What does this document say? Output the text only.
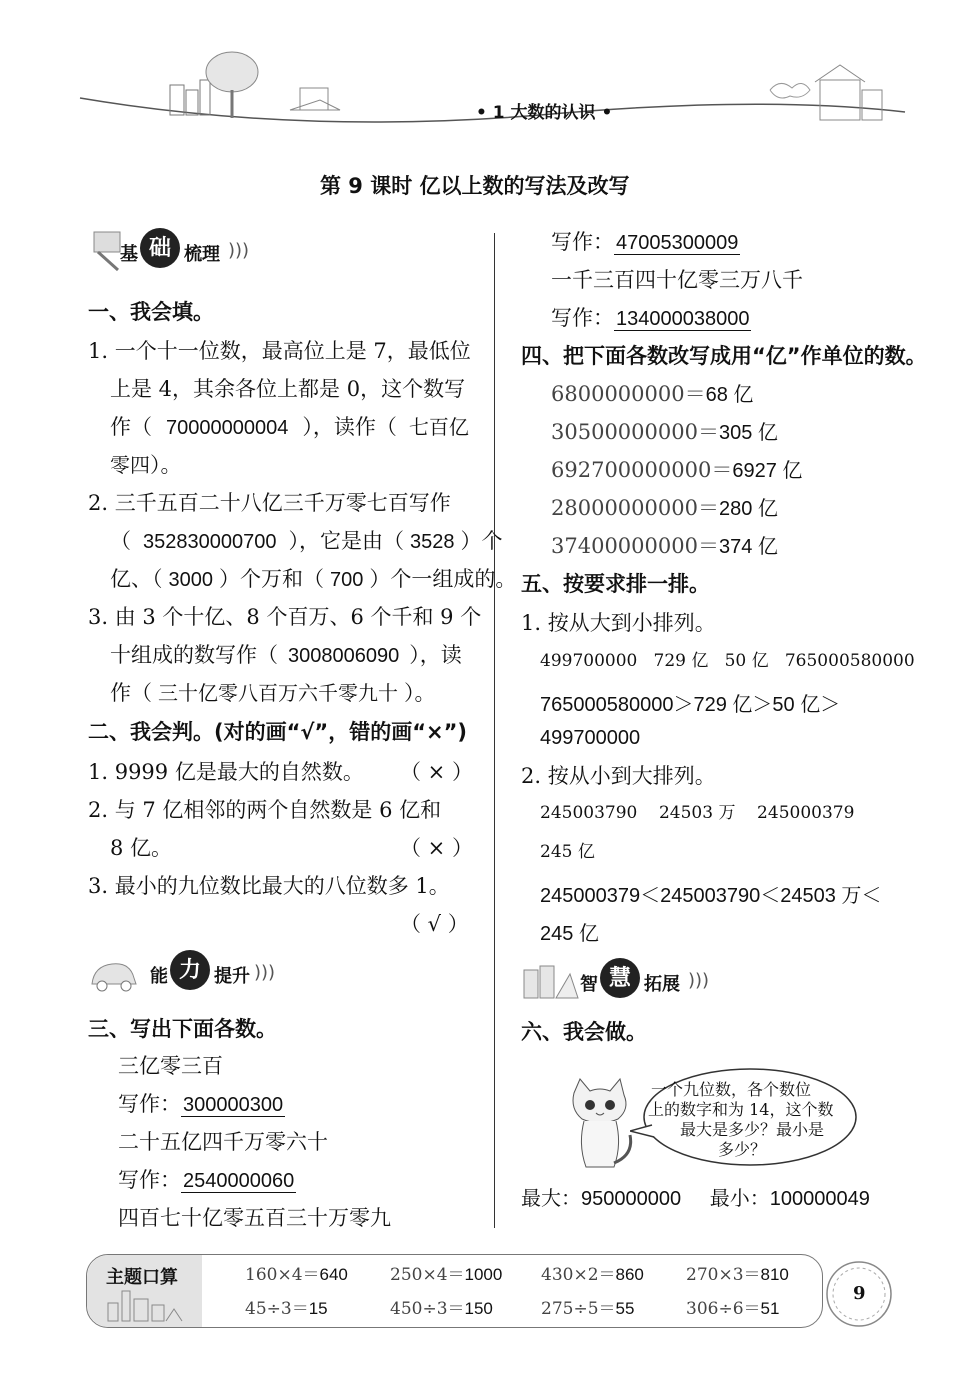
• 1 大数的认识 •
第 9 课时 亿以上数的写法及改写
基 础 梳理 )))
一、我会填。
1. 一个十一位数，最高位上是 7，最低位
上是 4，其余各位上都是 0，这个数写
作（ 70000000004 ），读作（ 七百亿
零四）。
2. 三千五百二十八亿三千万零七百写作
（ 352830000700 ），它是由（ 3528 ）个
亿、（ 3000 ）个万和（ 700 ）个一组成的。
3. 由 3 个十亿、8 个百万、6 个千和 9 个
十组成的数写作（ 3008006090 ），读
作（ 三十亿零八百万六千零九十 ）。
二、我会判。(对的画“√”，错的画“×”)
1. 9999 亿是最大的自然数。 （ × ）
2. 与 7 亿相邻的两个自然数是 6 亿和
8 亿。	（ × ）
3. 最小的九位数比最大的八位数多 1。
（ √ ）
能 力 提升 )))
三、写出下面各数。
三亿零三百
写作： 300000300
二十五亿四千万零六十
写作： 2540000060
四百七十亿零五百三十万零九
写作： 47005300009
一千三百四十亿零三万八千
写作： 134000038000
四、把下面各数改写成用“亿”作单位的数。
6800000000＝68 亿
30500000000＝305 亿
692700000000＝6927 亿
28000000000＝280 亿
37400000000＝374 亿
五、按要求排一排。
1. 按从大到小排列。
499700000   729 亿   50 亿   765000580000
765000580000＞729 亿＞50 亿＞
499700000
2. 按从小到大排列。
245003790    24503 万    245000379
245 亿
245000379＜245003790＜24503 万＜
245 亿
智 慧 拓展 )))
六、我会做。
一个九位数，各个数位
上的数字和为 14，这个数
最大是多少？最小是
多少？
最大：950000000 最小：100000049
主题口算	160×4＝640 250×4＝1000 430×2＝860 270×3＝810
45÷3＝15	450÷3＝150	275÷5＝55	306÷6＝51
9
